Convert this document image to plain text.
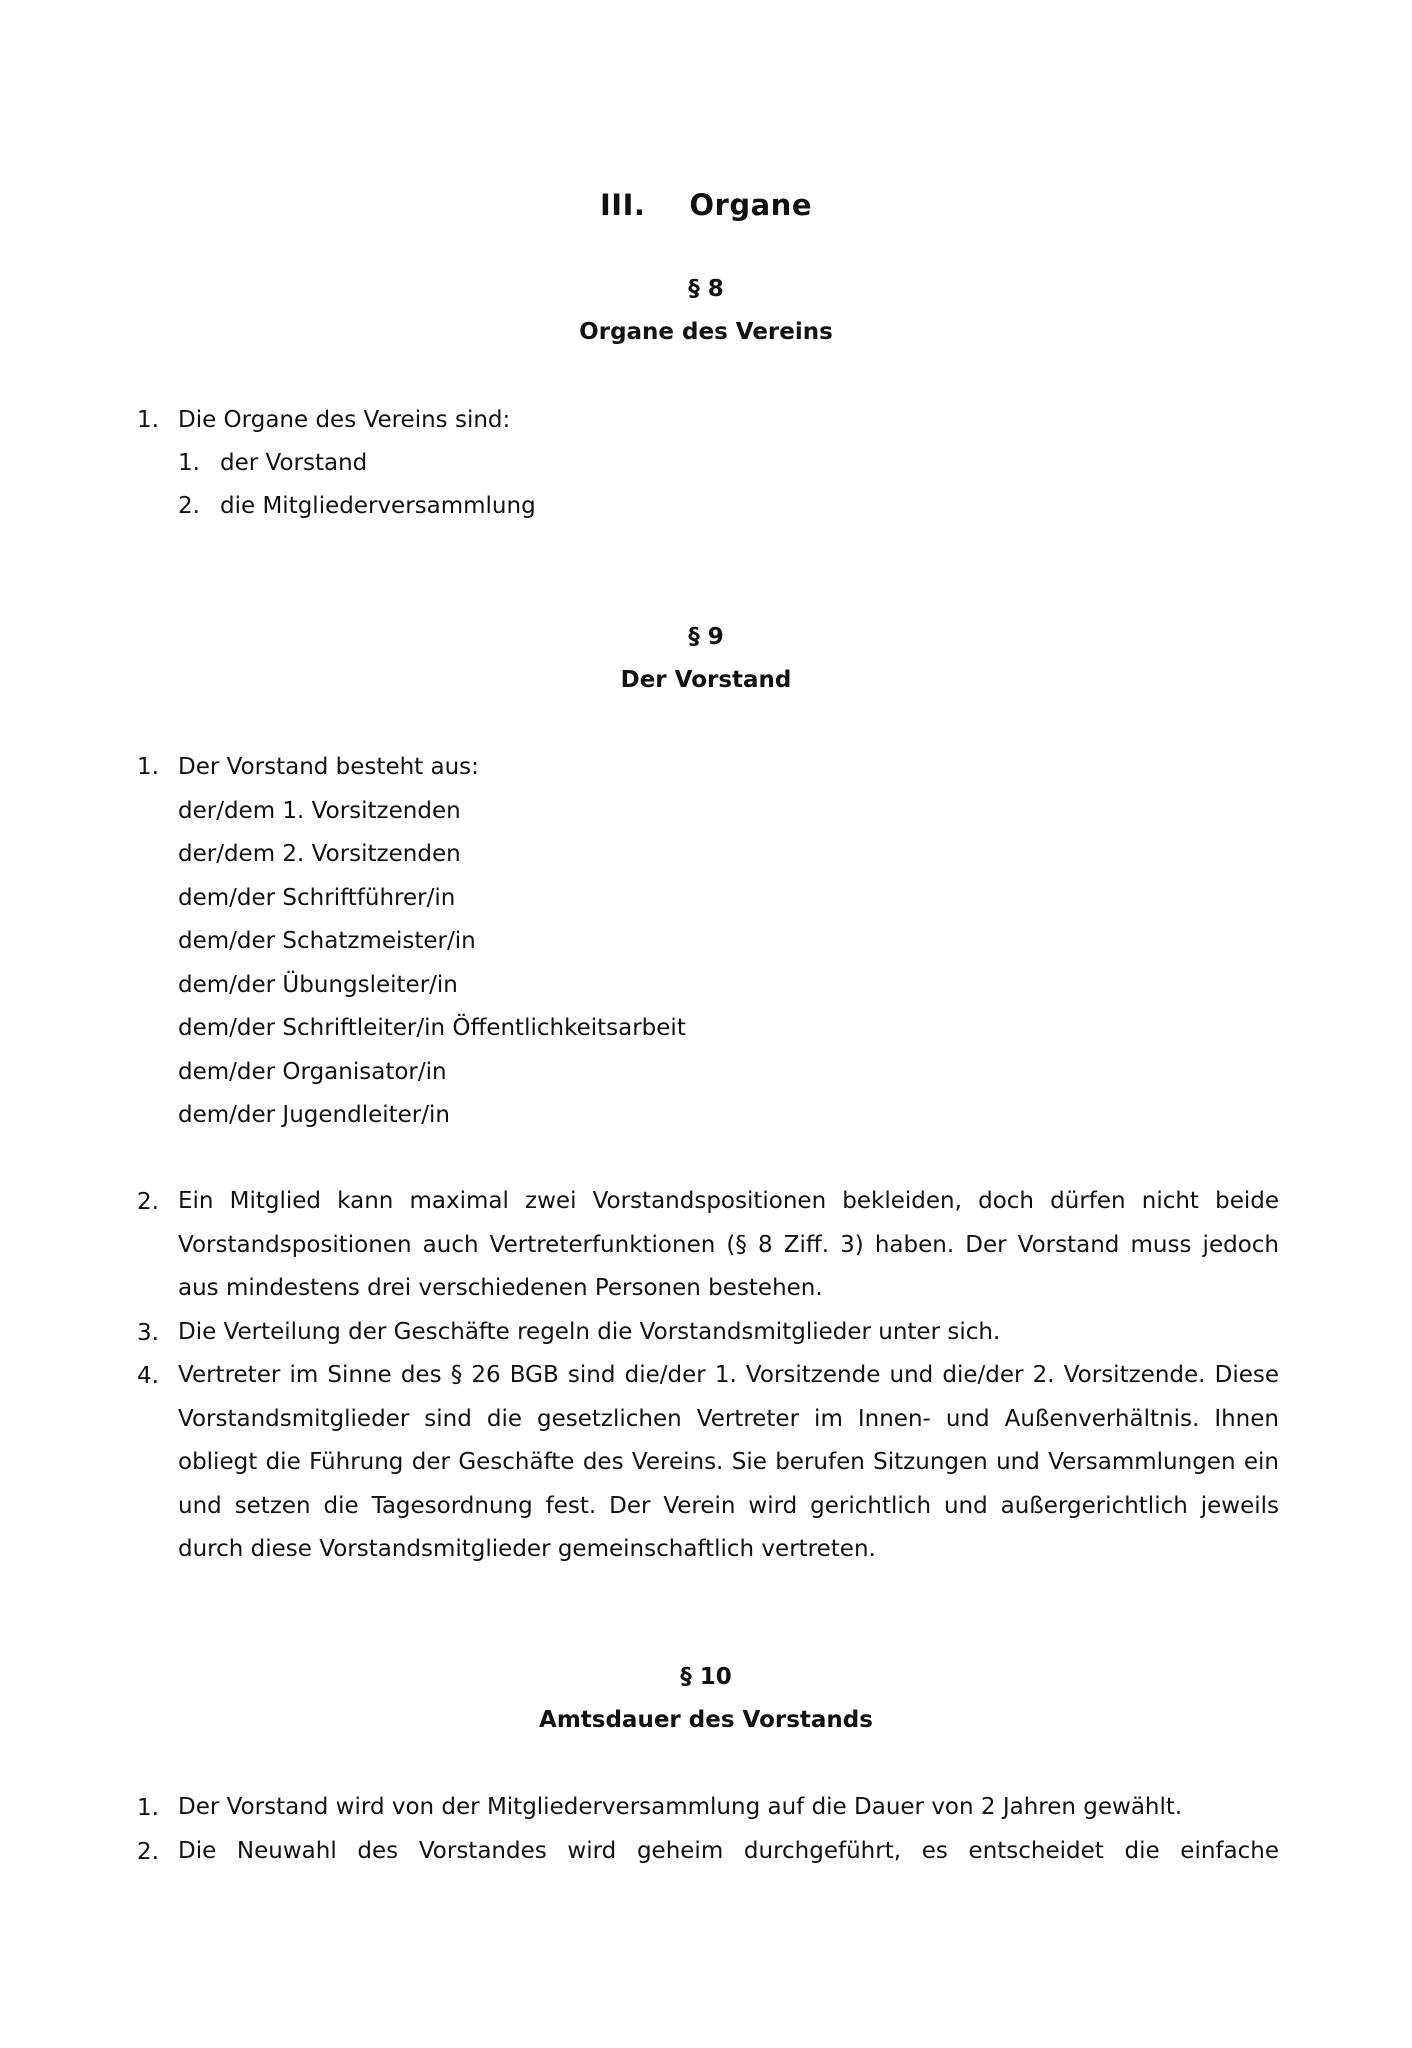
III. Organe
§ 8
Organe des Vereins
1. Die Organe des Vereins sind:
1. der Vorstand
2. die Mitgliederversammlung
§ 9
Der Vorstand
1. Der Vorstand besteht aus:
der/dem 1. Vorsitzenden
der/dem 2. Vorsitzenden
dem/der Schriftführer/in
dem/der Schatzmeister/in
dem/der Übungsleiter/in
dem/der Schriftleiter/in Öffentlichkeitsarbeit
dem/der Organisator/in
dem/der Jugendleiter/in
2. Ein Mitglied kann maximal zwei Vorstandspositionen bekleiden, doch dürfen nicht beide Vorstandspositionen auch Vertreterfunktionen (§ 8 Ziff. 3) haben. Der Vorstand muss jedoch aus mindestens drei verschiedenen Personen bestehen.
3. Die Verteilung der Geschäfte regeln die Vorstandsmitglieder unter sich.
4. Vertreter im Sinne des § 26 BGB sind die/der 1. Vorsitzende und die/der 2. Vorsitzende. Diese Vorstandsmitglieder sind die gesetzlichen Vertreter im Innen- und Außenverhältnis. Ihnen obliegt die Führung der Geschäfte des Vereins. Sie berufen Sitzungen und Versammlungen ein und setzen die Tagesordnung fest. Der Verein wird gerichtlich und außergerichtlich jeweils durch diese Vorstandsmitglieder gemeinschaftlich vertreten.
§ 10
Amtsdauer des Vorstands
1. Der Vorstand wird von der Mitgliederversammlung auf die Dauer von 2 Jahren gewählt.
2. Die Neuwahl des Vorstandes wird geheim durchgeführt, es entscheidet die einfache
